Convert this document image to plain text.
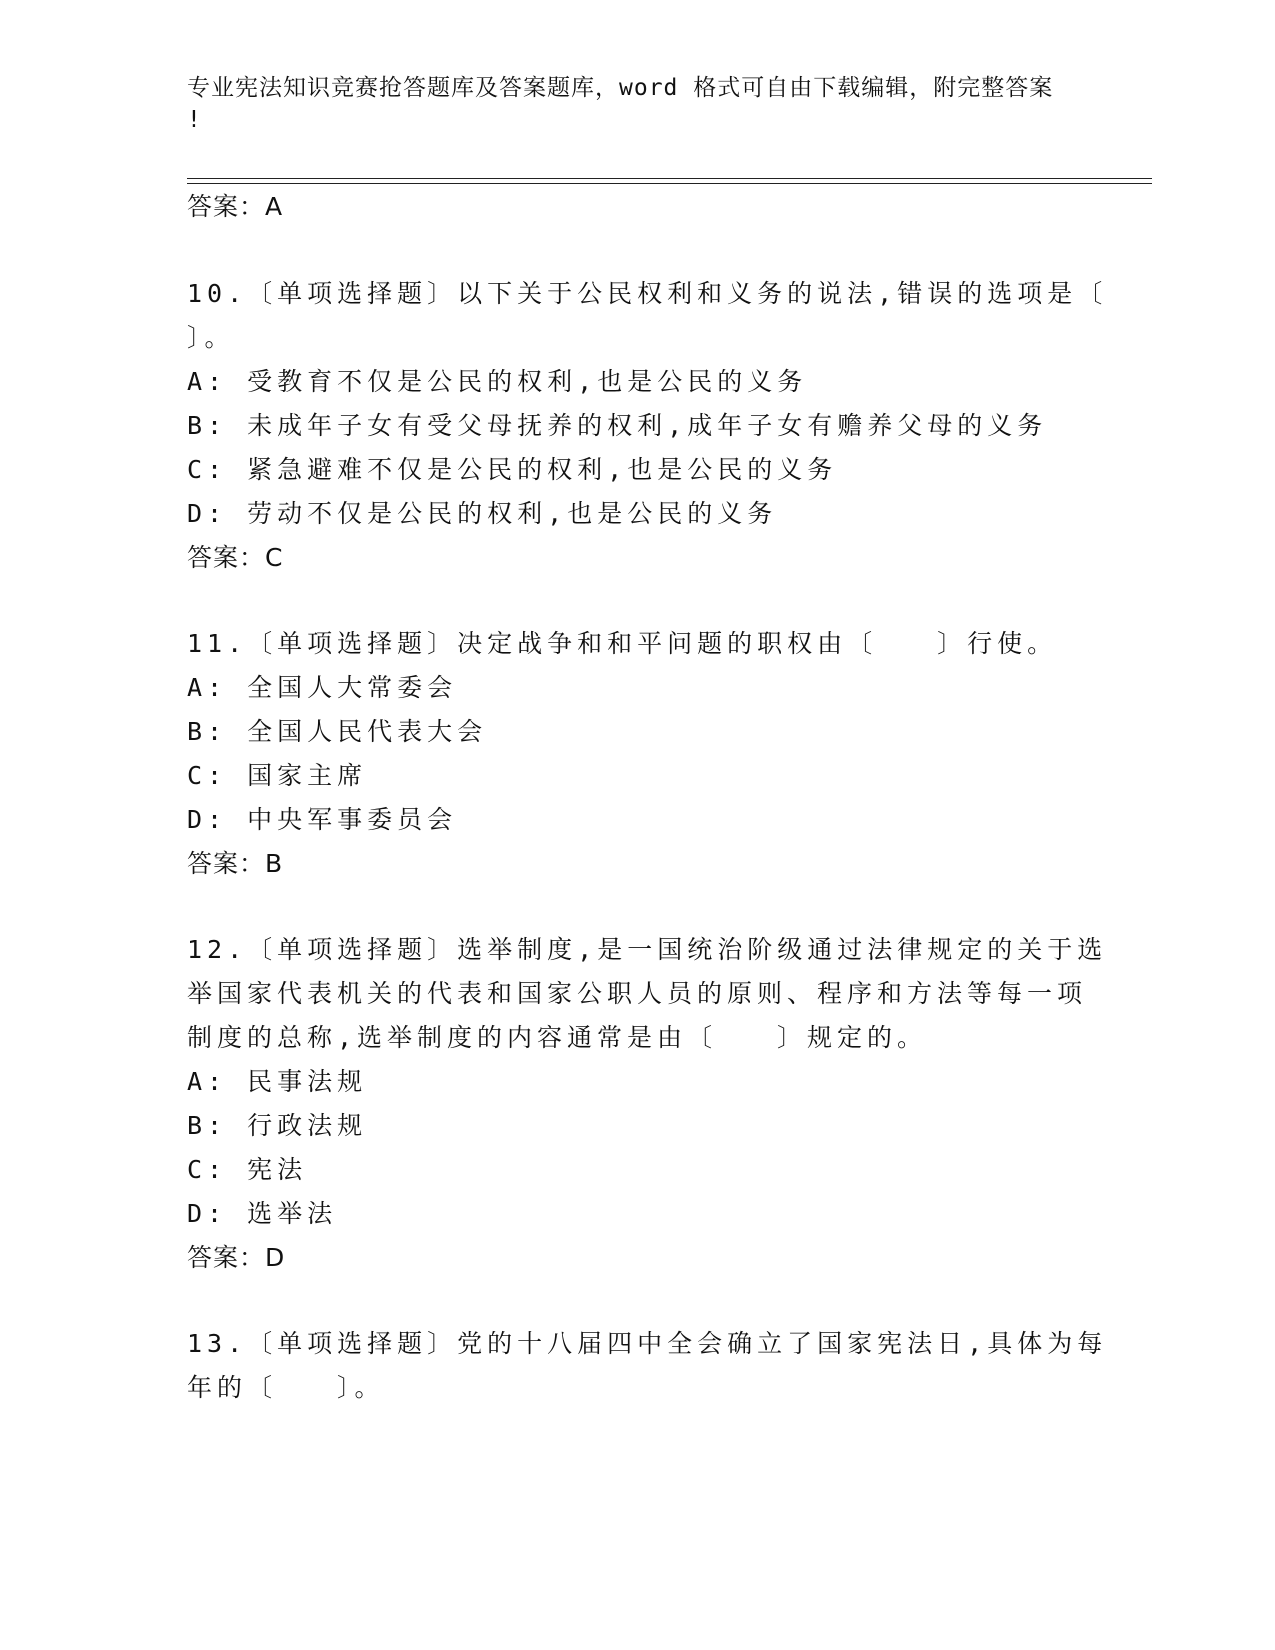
专业宪法知识竞赛抢答题库及答案题库，word 格式可自由下载编辑，附完整答案
!
答案：A
10.〔单项选择题〕以下关于公民权利和义务的说法,错误的选项是〔
〕。
A: 受教育不仅是公民的权利,也是公民的义务
B: 未成年子女有受父母抚养的权利,成年子女有赡养父母的义务
C: 紧急避难不仅是公民的权利,也是公民的义务
D: 劳动不仅是公民的权利,也是公民的义务
答案：C
11.〔单项选择题〕决定战争和和平问题的职权由〔　　〕行使。
A: 全国人大常委会
B: 全国人民代表大会
C: 国家主席
D: 中央军事委员会
答案：B
12.〔单项选择题〕选举制度,是一国统治阶级通过法律规定的关于选
举国家代表机关的代表和国家公职人员的原则、程序和方法等每一项
制度的总称,选举制度的内容通常是由〔　　〕规定的。
A: 民事法规
B: 行政法规
C: 宪法
D: 选举法
答案：D
13.〔单项选择题〕党的十八届四中全会确立了国家宪法日,具体为每
年的〔　　〕。
